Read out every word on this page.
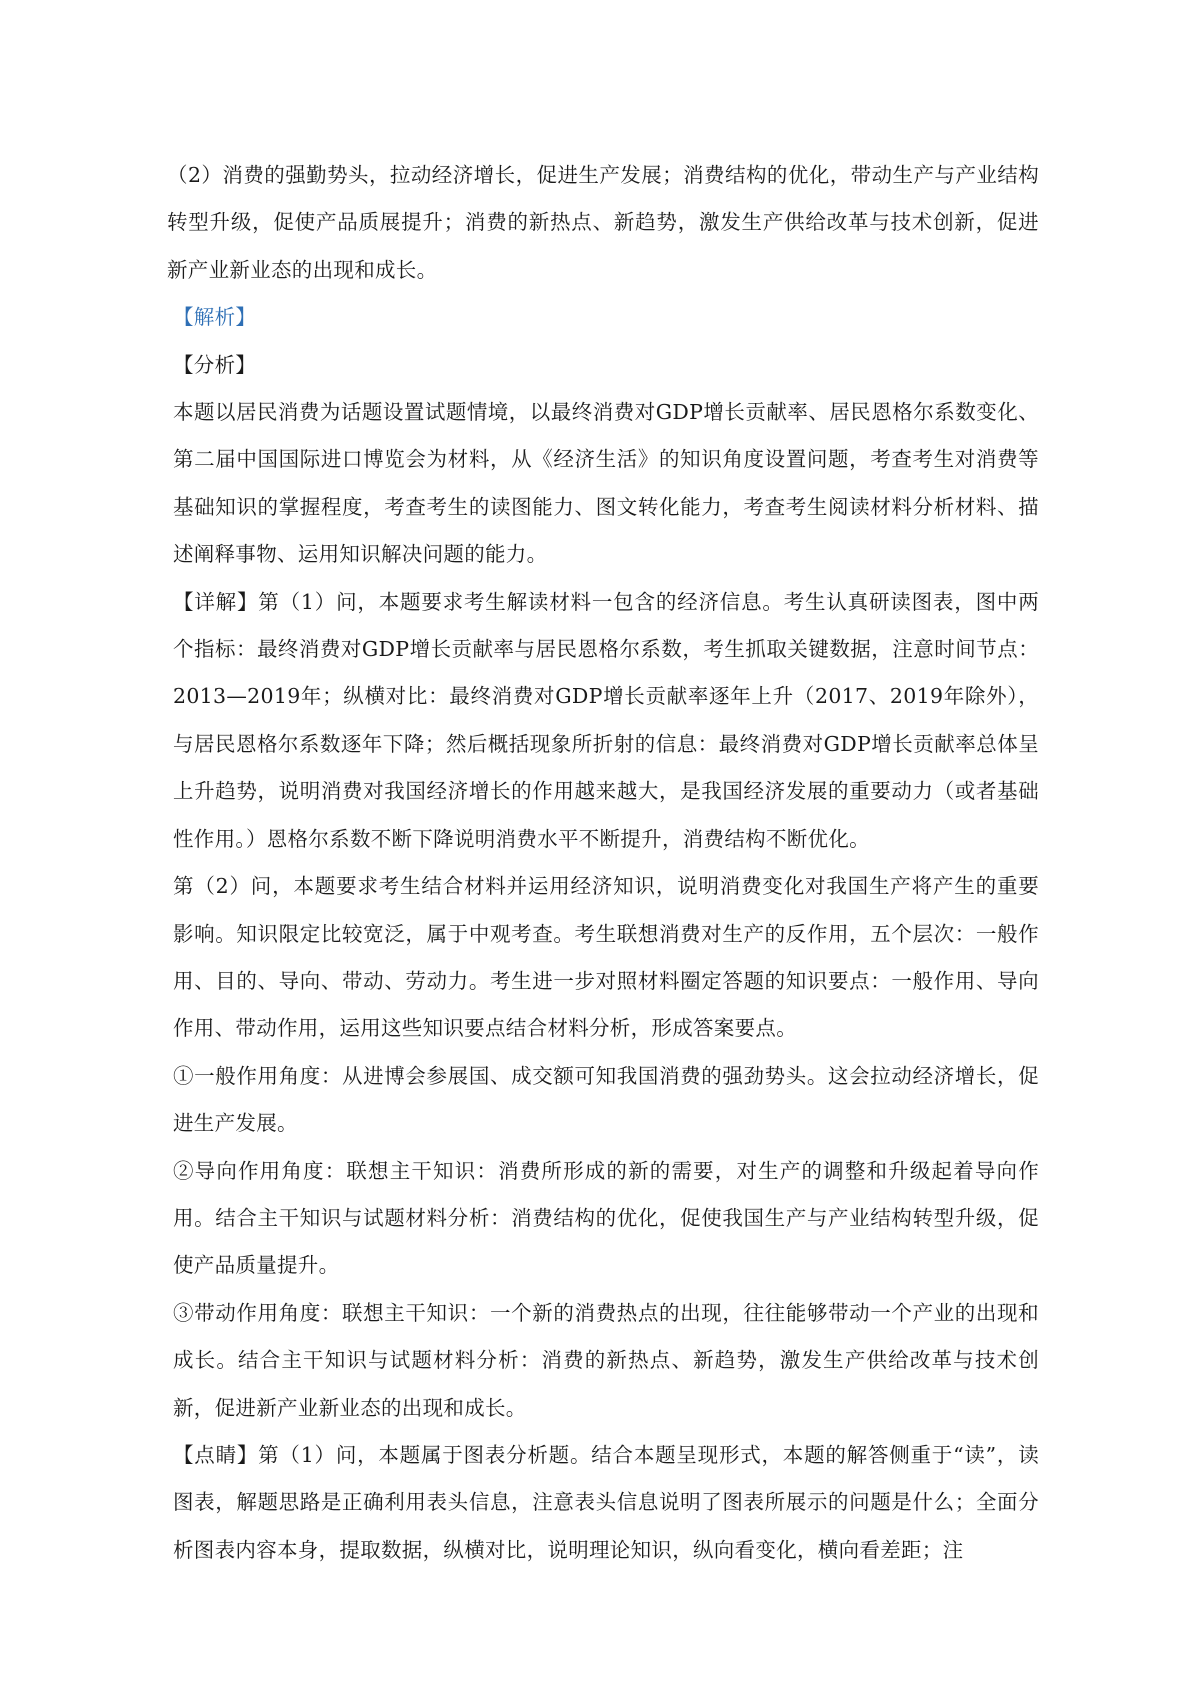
（2）消费的强勤势头，拉动经济增长，促进生产发展；消费结构的优化，带动生产与产业结构转型升级，促使产品质展提升；消费的新热点、新趋势，激发生产供给改革与技术创新，促进新产业新业态的出现和成长。

【解析】

【分析】

本题以居民消费为话题设置试题情境，以最终消费对GDP增长贡献率、居民恩格尔系数变化、第二届中国国际进口博览会为材料，从《经济生活》的知识角度设置问题，考查考生对消费等基础知识的掌握程度，考查考生的读图能力、图文转化能力，考查考生阅读材料分析材料、描述阐释事物、运用知识解决问题的能力。

【详解】第（1）问，本题要求考生解读材料一包含的经济信息。考生认真研读图表，图中两个指标：最终消费对GDP增长贡献率与居民恩格尔系数，考生抓取关键数据，注意时间节点：2013—2019年；纵横对比：最终消费对GDP增长贡献率逐年上升（2017、2019年除外），与居民恩格尔系数逐年下降；然后概括现象所折射的信息：最终消费对GDP增长贡献率总体呈上升趋势，说明消费对我国经济增长的作用越来越大，是我国经济发展的重要动力（或者基础性作用。）恩格尔系数不断下降说明消费水平不断提升，消费结构不断优化。

第（2）问，本题要求考生结合材料并运用经济知识，说明消费变化对我国生产将产生的重要影响。知识限定比较宽泛，属于中观考查。考生联想消费对生产的反作用，五个层次：一般作用、目的、导向、带动、劳动力。考生进一步对照材料圈定答题的知识要点：一般作用、导向作用、带动作用，运用这些知识要点结合材料分析，形成答案要点。

①一般作用角度：从进博会参展国、成交额可知我国消费的强劲势头。这会拉动经济增长，促进生产发展。

②导向作用角度：联想主干知识：消费所形成的新的需要，对生产的调整和升级起着导向作用。结合主干知识与试题材料分析：消费结构的优化，促使我国生产与产业结构转型升级，促使产品质量提升。

③带动作用角度：联想主干知识：一个新的消费热点的出现，往往能够带动一个产业的出现和成长。结合主干知识与试题材料分析：消费的新热点、新趋势，激发生产供给改革与技术创新，促进新产业新业态的出现和成长。

【点睛】第（1）问，本题属于图表分析题。结合本题呈现形式，本题的解答侧重于“读”，读图表，解题思路是正确利用表头信息，注意表头信息说明了图表所展示的问题是什么；全面分析图表内容本身，提取数据，纵横对比，说明理论知识，纵向看变化，横向看差距；注
